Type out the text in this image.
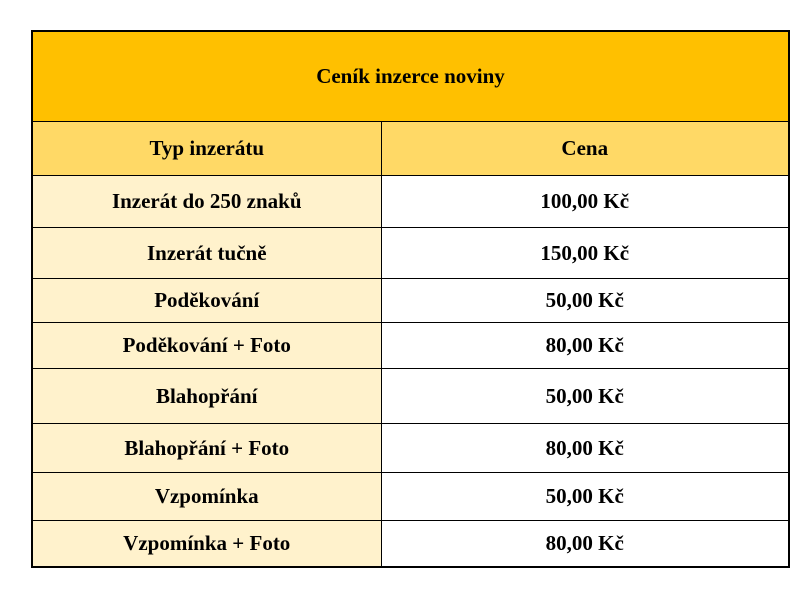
Ceník inzerce noviny	
Typ inzerátu	Cena
Inzerát do 250 znaků	100,00 Kč
Inzerát tučně	150,00 Kč
Poděkování	50,00 Kč
Poděkování + Foto	80,00 Kč
Blahopřání	50,00 Kč
Blahopřání + Foto	80,00 Kč
Vzpomínka	50,00 Kč
Vzpomínka + Foto	80,00 Kč
